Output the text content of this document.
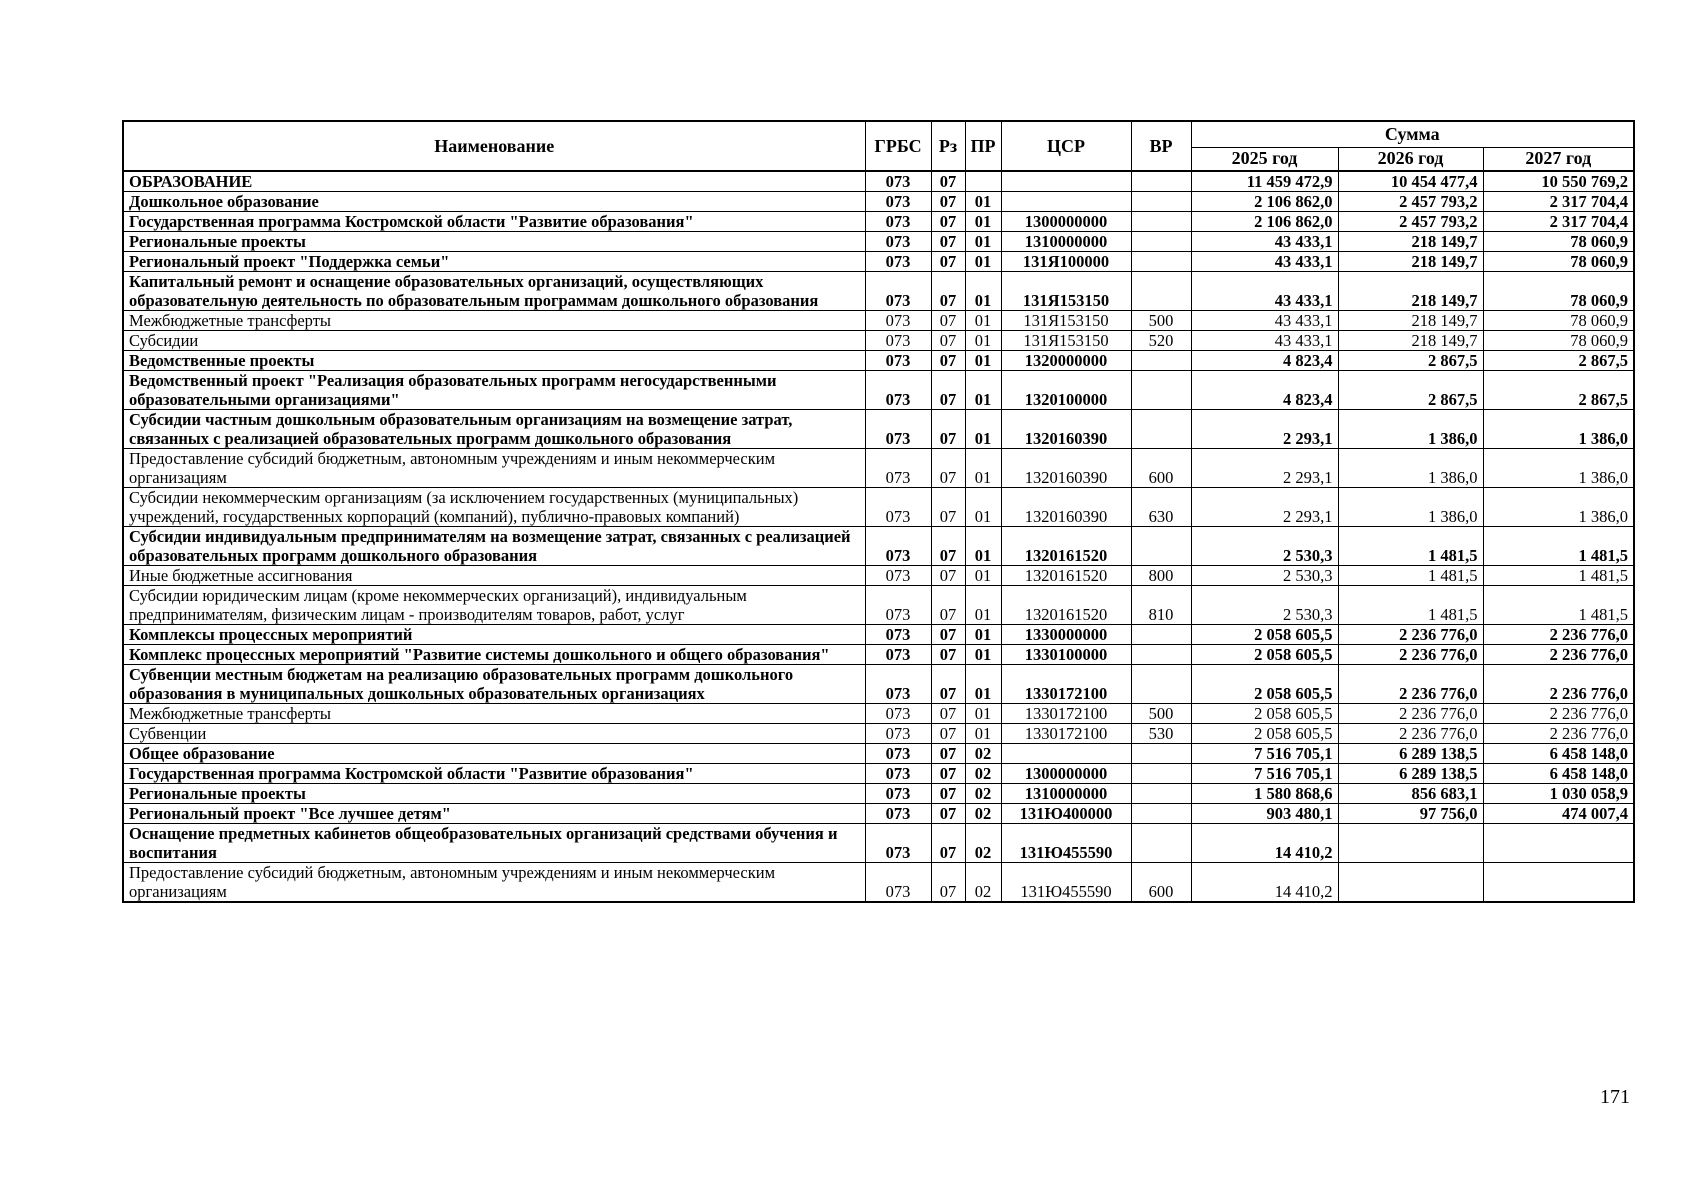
Наименование	ГРБС	Рз	ПР	ЦСР	ВР	Сумма		
						2025 год	2026 год	2027 год
ОБРАЗОВАНИЕ	073	07				11 459 472,9	10 454 477,4	10 550 769,2
Дошкольное образование	073	07	01			2 106 862,0	2 457 793,2	2 317 704,4
Государственная программа Костромской области "Развитие образования"	073	07	01	1300000000		2 106 862,0	2 457 793,2	2 317 704,4
Региональные проекты	073	07	01	1310000000		43 433,1	218 149,7	78 060,9
Региональный проект "Поддержка семьи"	073	07	01	131Я100000		43 433,1	218 149,7	78 060,9
Капитальный ремонт и оснащение образовательных организаций, осуществляющих образовательную деятельность по образовательным программам дошкольного образования	073	07	01	131Я153150		43 433,1	218 149,7	78 060,9
Межбюджетные трансферты	073	07	01	131Я153150	500	43 433,1	218 149,7	78 060,9
Субсидии	073	07	01	131Я153150	520	43 433,1	218 149,7	78 060,9
Ведомственные проекты	073	07	01	1320000000		4 823,4	2 867,5	2 867,5
Ведомственный проект "Реализация образовательных программ негосударственными образовательными организациями"	073	07	01	1320100000		4 823,4	2 867,5	2 867,5
Субсидии частным дошкольным образовательным организациям на возмещение затрат, связанных с реализацией образовательных программ дошкольного образования	073	07	01	1320160390		2 293,1	1 386,0	1 386,0
Предоставление субсидий бюджетным, автономным учреждениям и иным некоммерческим организациям	073	07	01	1320160390	600	2 293,1	1 386,0	1 386,0
Субсидии некоммерческим организациям (за исключением государственных (муниципальных) учреждений, государственных корпораций (компаний), публично-правовых компаний)	073	07	01	1320160390	630	2 293,1	1 386,0	1 386,0
Субсидии индивидуальным предпринимателям на возмещение затрат, связанных с реализацией образовательных программ дошкольного образования	073	07	01	1320161520		2 530,3	1 481,5	1 481,5
Иные бюджетные ассигнования	073	07	01	1320161520	800	2 530,3	1 481,5	1 481,5
Субсидии юридическим лицам (кроме некоммерческих организаций), индивидуальным предпринимателям, физическим лицам - производителям товаров, работ, услуг	073	07	01	1320161520	810	2 530,3	1 481,5	1 481,5
Комплексы процессных мероприятий	073	07	01	1330000000		2 058 605,5	2 236 776,0	2 236 776,0
Комплекс процессных мероприятий "Развитие системы дошкольного и общего образования"	073	07	01	1330100000		2 058 605,5	2 236 776,0	2 236 776,0
Субвенции местным бюджетам на реализацию образовательных программ дошкольного образования в муниципальных дошкольных образовательных организациях	073	07	01	1330172100		2 058 605,5	2 236 776,0	2 236 776,0
Межбюджетные трансферты	073	07	01	1330172100	500	2 058 605,5	2 236 776,0	2 236 776,0
Субвенции	073	07	01	1330172100	530	2 058 605,5	2 236 776,0	2 236 776,0
Общее образование	073	07	02			7 516 705,1	6 289 138,5	6 458 148,0
Государственная программа Костромской области "Развитие образования"	073	07	02	1300000000		7 516 705,1	6 289 138,5	6 458 148,0
Региональные проекты	073	07	02	1310000000		1 580 868,6	856 683,1	1 030 058,9
Региональный проект "Все лучшее детям"	073	07	02	131Ю400000		903 480,1	97 756,0	474 007,4
Оснащение предметных кабинетов общеобразовательных организаций средствами обучения и воспитания	073	07	02	131Ю455590		14 410,2		
Предоставление субсидий бюджетным, автономным учреждениям и иным некоммерческим организациям	073	07	02	131Ю455590	600	14 410,2		
171
